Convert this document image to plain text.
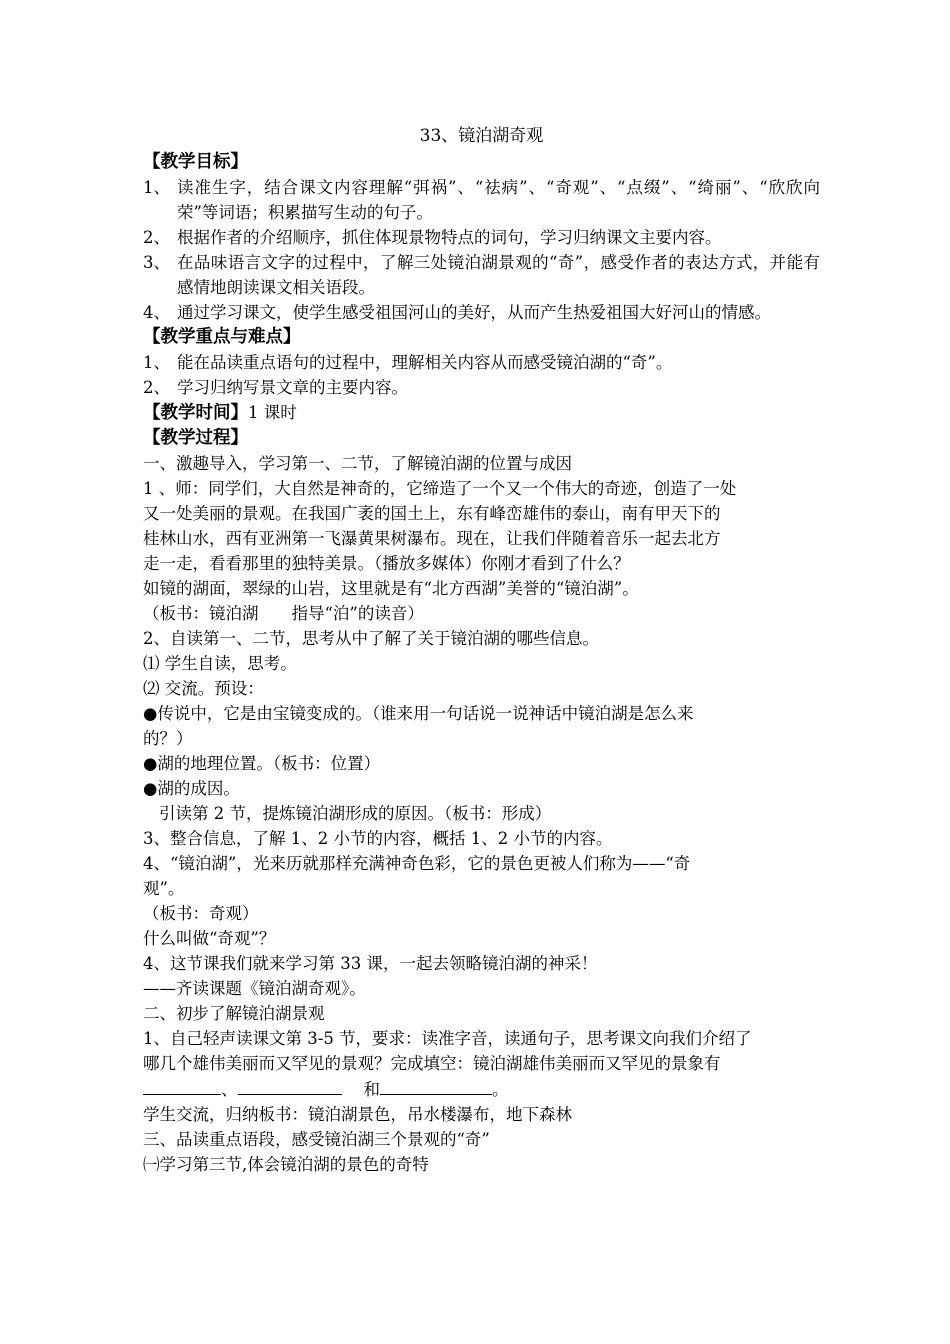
33、镜泊湖奇观
【教学目标】
1、 读准生字，结合课文内容理解“弭祸”、“祛病”、“奇观”、“点缀”、“绮丽”、“欣欣向荣”等词语；积累描写生动的句子。
2、 根据作者的介绍顺序，抓住体现景物特点的词句，学习归纳课文主要内容。
3、 在品味语言文字的过程中，了解三处镜泊湖景观的“奇”，感受作者的表达方式，并能有感情地朗读课文相关语段。
4、 通过学习课文，使学生感受祖国河山的美好，从而产生热爱祖国大好河山的情感。
【教学重点与难点】
1、 能在品读重点语句的过程中，理解相关内容从而感受镜泊湖的“奇”。
2、 学习归纳写景文章的主要内容。
【教学时间】1 课时
【教学过程】
一、激趣导入，学习第一、二节，了解镜泊湖的位置与成因
1 、师：同学们，大自然是神奇的，它缔造了一个又一个伟大的奇迹，创造了一处
又一处美丽的景观。在我国广袤的国土上，东有峰峦雄伟的泰山，南有甲天下的
桂林山水，西有亚洲第一飞瀑黄果树瀑布。现在，让我们伴随着音乐一起去北方
走一走，看看那里的独特美景。（播放多媒体）你刚才看到了什么？
如镜的湖面，翠绿的山岩，这里就是有“北方西湖”美誉的“镜泊湖”。
（板书：镜泊湖　　指导“泊”的读音）
2、自读第一、二节，思考从中了解了关于镜泊湖的哪些信息。
⑴ 学生自读，思考。
⑵ 交流。预设：
●传说中，它是由宝镜变成的。（谁来用一句话说一说神话中镜泊湖是怎么来
的？）
●湖的地理位置。（板书：位置）
●湖的成因。
引读第 2 节，提炼镜泊湖形成的原因。（板书：形成）
3、整合信息，了解 1、2 小节的内容，概括 1、2 小节的内容。
4、“镜泊湖”，光来历就那样充满神奇色彩，它的景色更被人们称为——“奇
观”。
（板书：奇观）
什么叫做“奇观”？
4、这节课我们就来学习第 33 课，一起去领略镜泊湖的神采！
——齐读课题《镜泊湖奇观》。
二、初步了解镜泊湖景观
1、自己轻声读课文第 3-5 节，要求：读准字音，读通句子，思考课文向我们介绍了
哪几个雄伟美丽而又罕见的景观？完成填空：镜泊湖雄伟美丽而又罕见的景象有
、	和	。
学生交流，归纳板书：镜泊湖景色，吊水楼瀑布，地下森林
三、品读重点语段，感受镜泊湖三个景观的“奇”
㈠学习第三节,体会镜泊湖的景色的奇特
